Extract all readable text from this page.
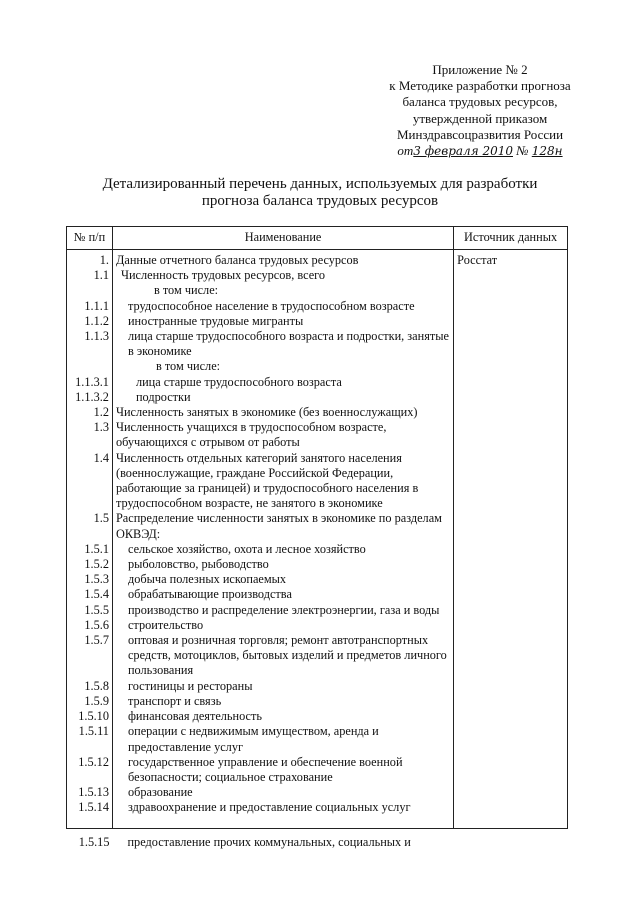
Приложение № 2
к Методике разработки прогноза
баланса трудовых ресурсов,
утвержденной приказом
Минздравсоцразвития России
от3 февраля 2010 № 128н
Детализированный перечень данных, используемых для разработки
прогноза баланса трудовых ресурсов
№ п/п	Наименование	Источник данных
1.	Данные отчетного баланса трудовых ресурсов	Росстат
1.1	Численность трудовых ресурсов, всего	

	в том числе:	

1.1.1	трудоспособное население в трудоспособном возрасте	

1.1.2	иностранные трудовые мигранты	

1.1.3	лица старше трудоспособного возраста и подростки, занятые в экономике	

	в том числе:	

1.1.3.1	лица старше трудоспособного возраста	

1.1.3.2	подростки	

1.2	Численность занятых в экономике (без военнослужащих)	

1.3	Численность учащихся в трудоспособном возрасте, обучающихся с отрывом от работы	

1.4	Численность отдельных категорий занятого населения (военнослужащие, граждане Российской Федерации, работающие за границей) и трудоспособного населения в трудоспособном возрасте, не занятого в экономике	

1.5	Распределение численности занятых в экономике по разделам ОКВЭД:	

1.5.1	сельское хозяйство, охота и лесное хозяйство	

1.5.2	рыболовство, рыбоводство	

1.5.3	добыча полезных ископаемых	

1.5.4	обрабатывающие производства	

1.5.5	производство и распределение электроэнергии, газа и воды	

1.5.6	строительство	

1.5.7	оптовая и розничная торговля; ремонт автотранспортных средств, мотоциклов, бытовых изделий и предметов личного пользования	

1.5.8	гостиницы и рестораны	

1.5.9	транспорт и связь	

1.5.10	финансовая деятельность	

1.5.11	операции с недвижимым имуществом, аренда и предоставление услуг	

1.5.12	государственное управление и обеспечение военной безопасности; социальное страхование	

1.5.13	образование	

1.5.14	здравоохранение и предоставление социальных услуг	

1.5.15	предоставление прочих коммунальных, социальных и	
